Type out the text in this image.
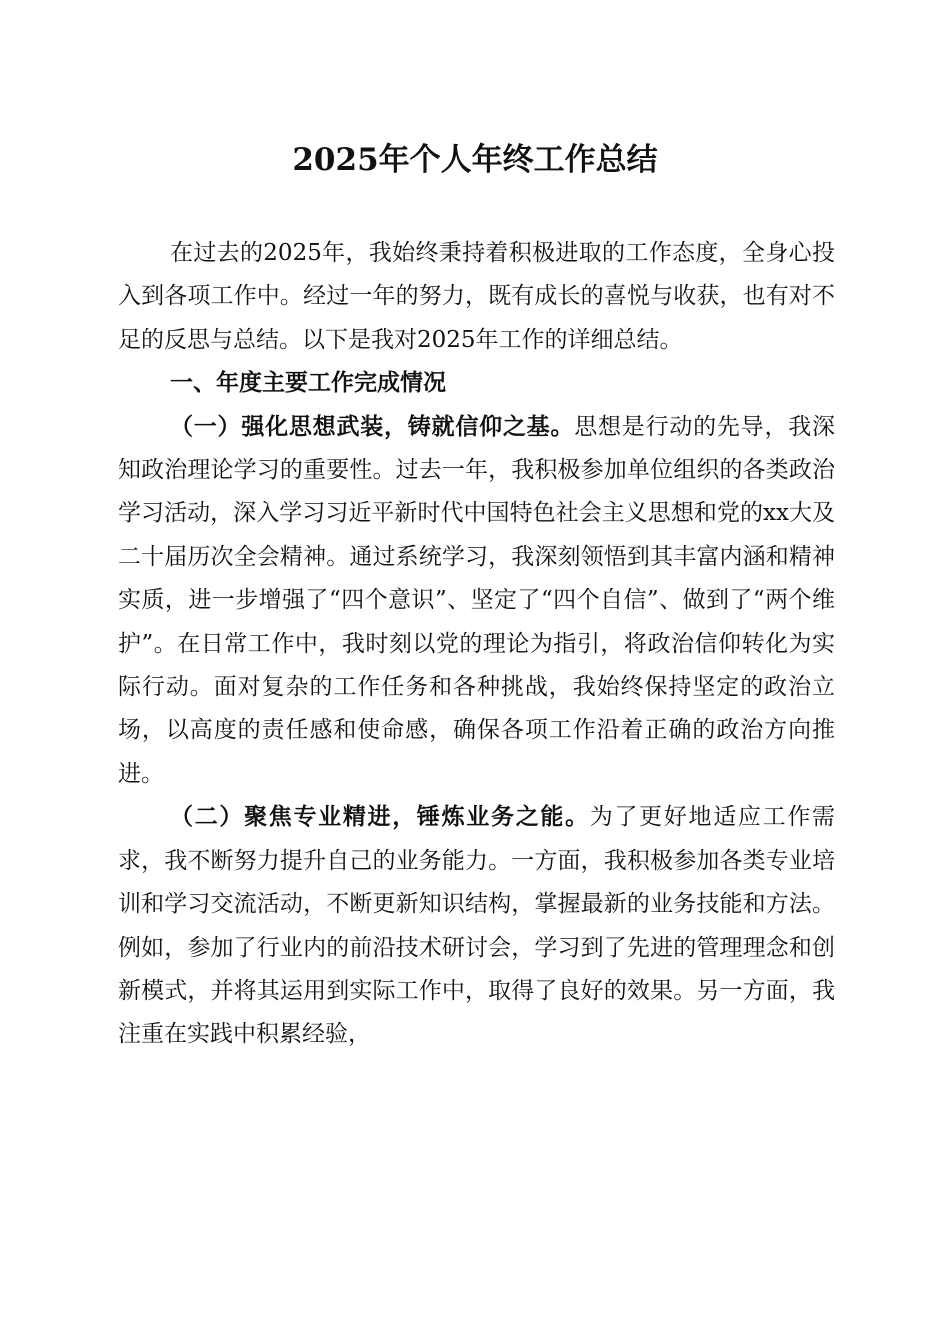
2025年个人年终工作总结

在过去的2025年，我始终秉持着积极进取的工作态度，全身心投入到各项工作中。经过一年的努力，既有成长的喜悦与收获，也有对不足的反思与总结。以下是我对2025年工作的详细总结。

一、年度主要工作完成情况

（一）强化思想武装，铸就信仰之基。思想是行动的先导，我深知政治理论学习的重要性。过去一年，我积极参加单位组织的各类政治学习活动，深入学习习近平新时代中国特色社会主义思想和党的xx大及二十届历次全会精神。通过系统学习，我深刻领悟到其丰富内涵和精神实质，进一步增强了“四个意识”、坚定了“四个自信”、做到了“两个维护”。在日常工作中，我时刻以党的理论为指引，将政治信仰转化为实际行动。面对复杂的工作任务和各种挑战，我始终保持坚定的政治立场，以高度的责任感和使命感，确保各项工作沿着正确的政治方向推进。

（二）聚焦专业精进，锤炼业务之能。为了更好地适应工作需求，我不断努力提升自己的业务能力。一方面，我积极参加各类专业培训和学习交流活动，不断更新知识结构，掌握最新的业务技能和方法。例如，参加了行业内的前沿技术研讨会，学习到了先进的管理理念和创新模式，并将其运用到实际工作中，取得了良好的效果。另一方面，我注重在实践中积累经验，
